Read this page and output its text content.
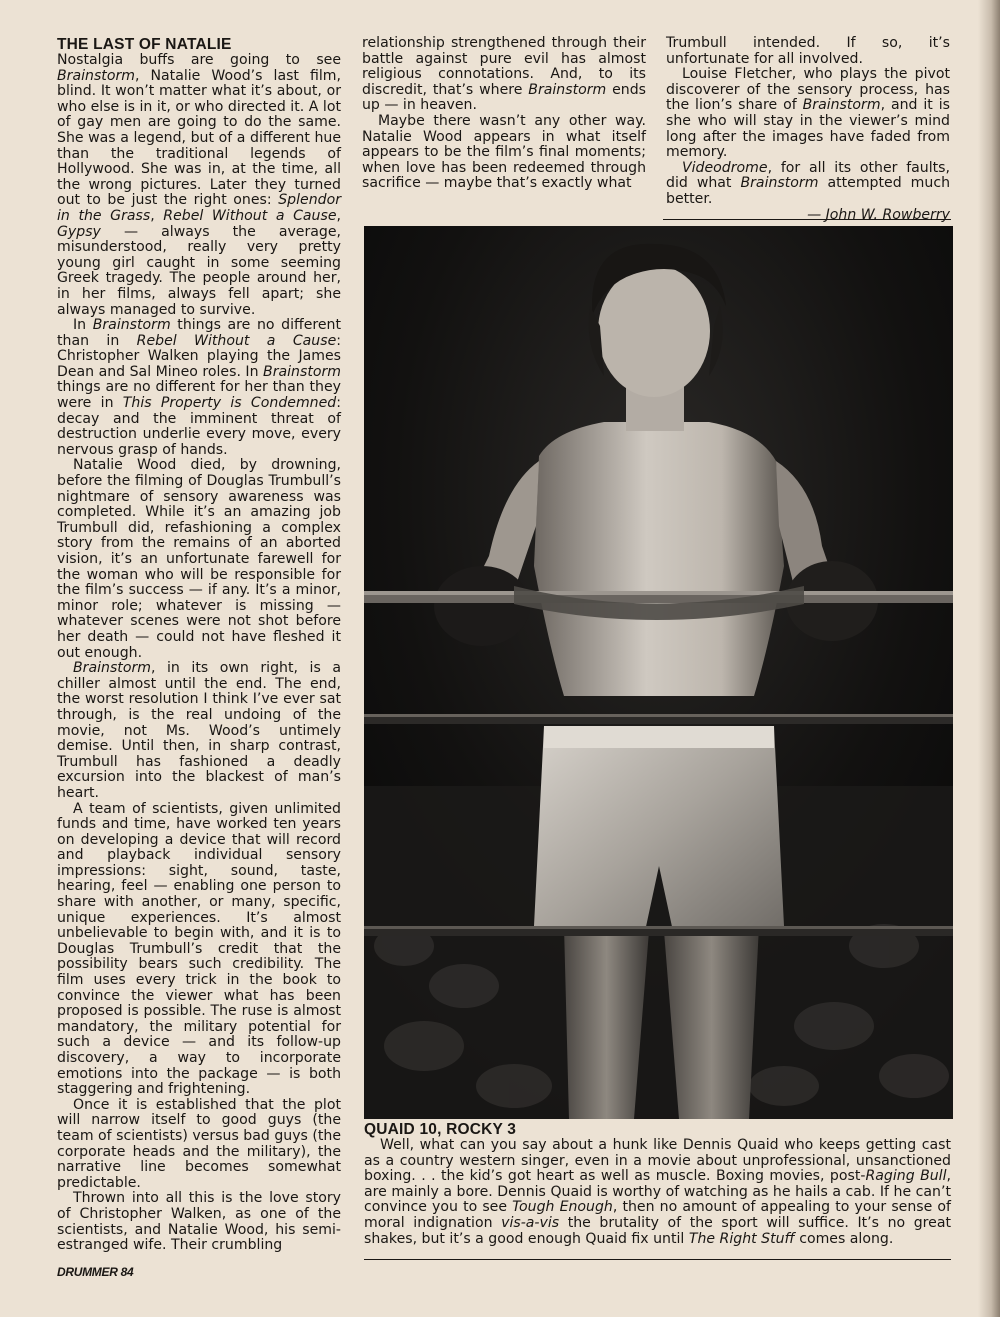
THE LAST OF NATALIE

Nostalgia buffs are going to see Brainstorm, Natalie Wood’s last film, blind. It won’t matter what it’s about, or who else is in it, or who directed it. A lot of gay men are going to do the same. She was a legend, but of a different hue than the traditional legends of Hollywood. She was in, at the time, all the wrong pictures. Later they turned out to be just the right ones: Splendor in the Grass, Rebel Without a Cause, Gypsy — always the average, misunderstood, really very pretty young girl caught in some seeming Greek tragedy. The people around her, in her films, always fell apart; she always managed to survive.

In Brainstorm things are no different than in Rebel Without a Cause: Christopher Walken playing the James Dean and Sal Mineo roles. In Brainstorm things are no different for her than they were in This Property is Condemned: decay and the imminent threat of destruction underlie every move, every nervous grasp of hands.

Natalie Wood died, by drowning, before the filming of Douglas Trumbull’s nightmare of sensory awareness was completed. While it’s an amazing job Trumbull did, refashioning a complex story from the remains of an aborted vision, it’s an unfortunate farewell for the woman who will be responsible for the film’s success — if any. It’s a minor, minor role; whatever is missing — whatever scenes were not shot before her death — could not have fleshed it out enough.

Brainstorm, in its own right, is a chiller almost until the end. The end, the worst resolution I think I’ve ever sat through, is the real undoing of the movie, not Ms. Wood’s untimely demise. Until then, in sharp contrast, Trumbull has fashioned a deadly excursion into the blackest of man’s heart.

A team of scientists, given unlimited funds and time, have worked ten years on developing a device that will record and playback individual sensory impressions: sight, sound, taste, hearing, feel — enabling one person to share with another, or many, specific, unique experiences. It’s almost unbelievable to begin with, and it is to Douglas Trumbull’s credit that the possibility bears such credibility. The film uses every trick in the book to convince the viewer what has been proposed is possible. The ruse is almost mandatory, the military potential for such a device — and its follow-up discovery, a way to incorporate emotions into the package — is both staggering and frightening.

Once it is established that the plot will narrow itself to good guys (the team of scientists) versus bad guys (the corporate heads and the military), the narrative line becomes somewhat predictable.

Thrown into all this is the love story of Christopher Walken, as one of the scientists, and Natalie Wood, his semi-estranged wife. Their crumbling

relationship strengthened through their battle against pure evil has almost religious connotations. And, to its discredit, that’s where Brainstorm ends up — in heaven.

Maybe there wasn’t any other way. Natalie Wood appears in what itself appears to be the film’s final moments; when love has been redeemed through sacrifice — maybe that’s exactly what

Trumbull intended. If so, it’s unfortunate for all involved.

Louise Fletcher, who plays the pivot discoverer of the sensory process, has the lion’s share of Brainstorm, and it is she who will stay in the viewer’s mind long after the images have faded from memory.

Videodrome, for all its other faults, did what Brainstorm attempted much better.

— John W. Rowberry

QUAID 10, ROCKY 3

Well, what can you say about a hunk like Dennis Quaid who keeps getting cast as a country western singer, even in a movie about unprofessional, unsanctioned boxing. . . the kid’s got heart as well as muscle. Boxing movies, post-Raging Bull, are mainly a bore. Dennis Quaid is worthy of watching as he hails a cab. If he can’t convince you to see Tough Enough, then no amount of appealing to your sense of moral indignation vis-a-vis the brutality of the sport will suffice. It’s no great shakes, but it’s a good enough Quaid fix until The Right Stuff comes along.

DRUMMER 84
